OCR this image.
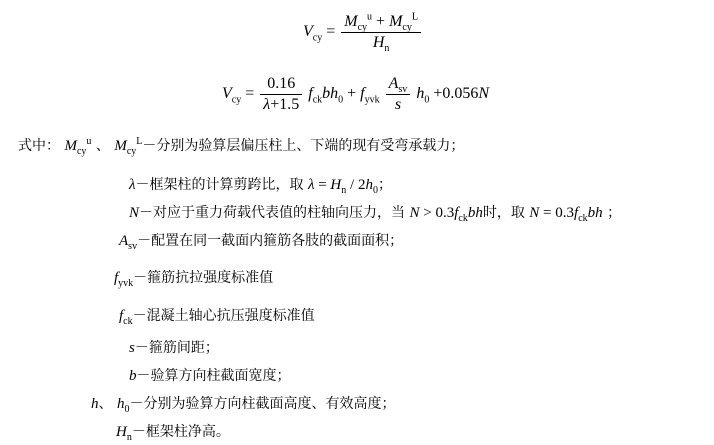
$V_{cy} = \frac{M_{cy}^u + M_{cy}^L}{H_n}$
$V_{cy} = \frac{0.16}{\lambda+1.5} f_{ck}bh_0 + f_{yvk} \frac{A_{sv}}{s} h_0 +0.056N$
式中： $M_{cy}^u$ 、 $M_{cy}^L-$分别为验算层偏压柱上、下端的现有受弯承载力；
λ－框架柱的计算剪跨比，取 $\lambda = H_n / 2h_0$；
N－对应于重力荷载代表值的柱轴向压力，当 $N > 0.3f_{ck}bh$时，取 $N = 0.3f_{ck}bh$ ；
$A_{sv}-$配置在同一截面内箍筋各肢的截面面积；
$f_{yvk}-$箍筋抗拉强度标准值
$f_{ck}-$混凝土轴心抗压强度标准值
s－箍筋间距；
b－验算方向柱截面宽度；
h、 $h_0-$分别为验算方向柱截面高度、有效高度；
$H_n-$框架柱净高。
